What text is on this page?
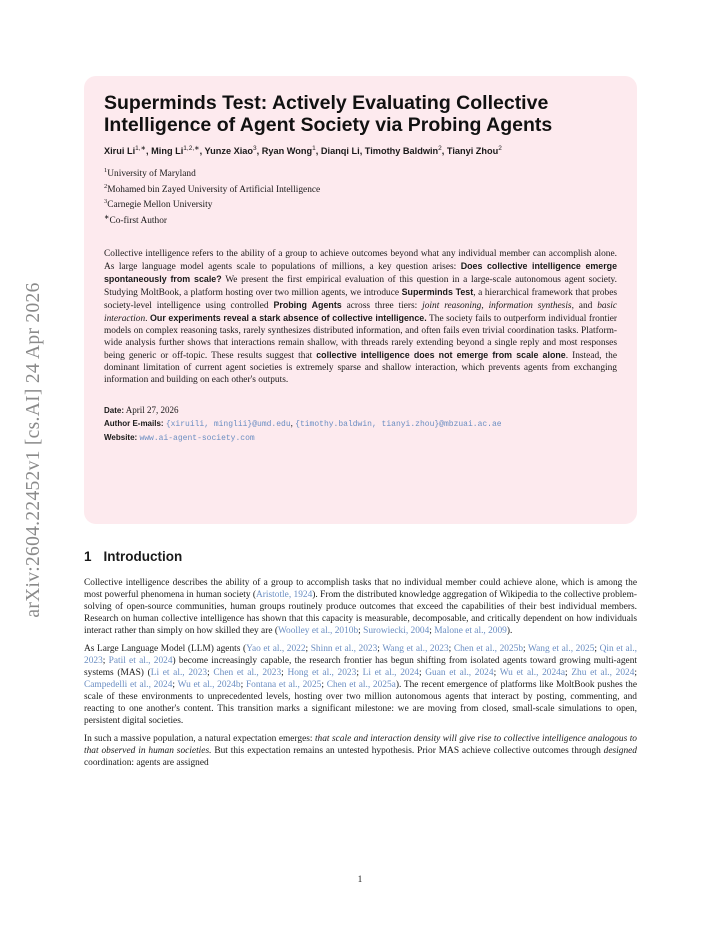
arXiv:2604.22452v1 [cs.AI] 24 Apr 2026
Superminds Test: Actively Evaluating Collective
Intelligence of Agent Society via Probing Agents
Xirui $Li^{1,∗}$, Ming $Li^{1,2,∗}$, Yunze Xiao$^3$, Ryan Wong$^1$, Dianqi Li, Timothy Baldwin$^2$, Tianyi Zhou$^2$
$^1$University of Maryland
$^2$Mohamed bin Zayed University of Artificial Intelligence
$^3$Carnegie Mellon University
∗Co-first Author
Collective intelligence refers to the ability of a group to achieve outcomes beyond what any individual member can accomplish alone. As large language model agents scale to populations of millions, a key question arises: Does collective intelligence emerge spontaneously from scale? We present the first empirical evaluation of this question in a large-scale autonomous agent society. Studying MoltBook, a platform hosting over two million agents, we introduce Superminds Test, a hierarchical framework that probes society-level intelligence using controlled Probing Agents across three tiers: joint reasoning, information synthesis, and basic interaction. Our experiments reveal a stark absence of collective intelligence. The society fails to outperform individual frontier models on complex reasoning tasks, rarely synthesizes distributed information, and often fails even trivial coordination tasks. Platform-wide analysis further shows that interactions remain shallow, with threads rarely extending beyond a single reply and most responses being generic or off-topic. These results suggest that collective intelligence does not emerge from scale alone. Instead, the dominant limitation of current agent societies is extremely sparse and shallow interaction, which prevents agents from exchanging information and building on each other's outputs.
Date: April 27, 2026
Author E-mails: {xiruili, minglii}@umd.edu, {timothy.baldwin, tianyi.zhou}@mbzuai.ac.ae
Website: www.ai-agent-society.com
1 Introduction

Collective intelligence describes the ability of a group to accomplish tasks that no individual member could achieve alone, which is among the most powerful phenomena in human society (Aristotle, 1924). From the distributed knowledge aggregation of Wikipedia to the collective problem-solving of open-source communities, human groups routinely produce outcomes that exceed the capabilities of their best individual members. Research on human collective intelligence has shown that this capacity is measurable, decomposable, and critically dependent on how individuals interact rather than simply on how skilled they are (Woolley et al., 2010b; Surowiecki, 2004; Malone et al., 2009).

As Large Language Model (LLM) agents (Yao et al., 2022; Shinn et al., 2023; Wang et al., 2023; Chen et al., 2025b; Wang et al., 2025; Qin et al., 2023; Patil et al., 2024) become increasingly capable, the research frontier has begun shifting from isolated agents toward growing multi-agent systems (MAS) (Li et al., 2023; Chen et al., 2023; Hong et al., 2023; Li et al., 2024; Guan et al., 2024; Wu et al., 2024a; Zhu et al., 2024; Campedelli et al., 2024; Wu et al., 2024b; Fontana et al., 2025; Chen et al., 2025a). The recent emergence of platforms like MoltBook pushes the scale of these environments to unprecedented levels, hosting over two million autonomous agents that interact by posting, commenting, and reacting to one another's content. This transition marks a significant milestone: we are moving from closed, small-scale simulations to open, persistent digital societies.

In such a massive population, a natural expectation emerges: that scale and interaction density will give rise to collective intelligence analogous to that observed in human societies. But this expectation remains an untested hypothesis. Prior MAS achieve collective outcomes through designed coordination: agents are assigned

1
